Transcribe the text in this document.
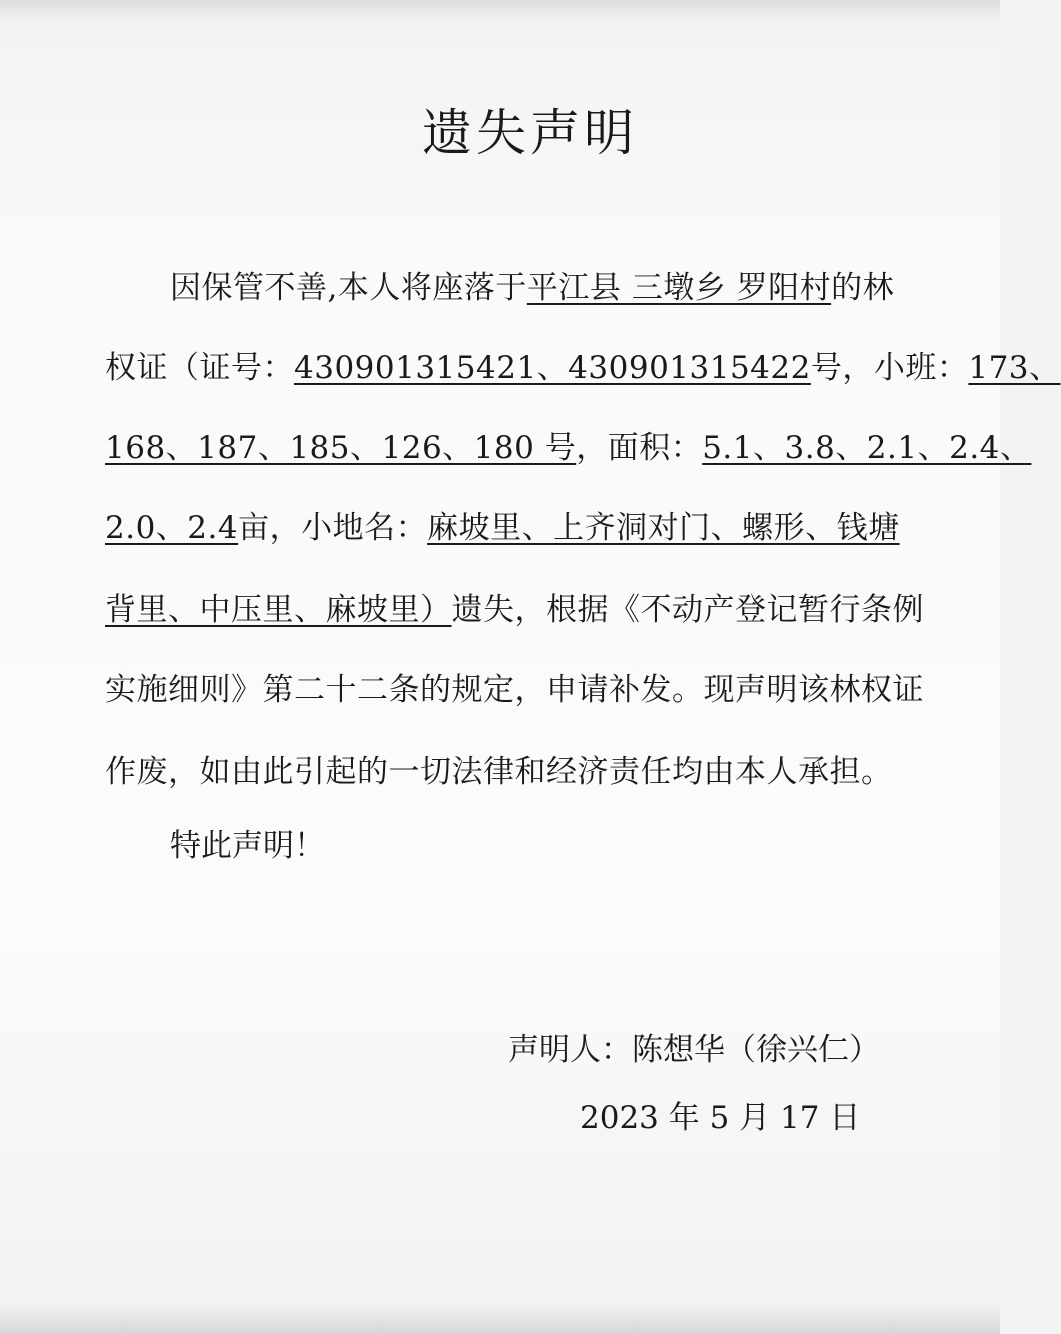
遗失声明
因保管不善,本人将座落于平江县 三墩乡 罗阳村的林
权证（证号：430901315421、430901315422号，小班：173、
168、187、185、126、180 号，面积：5.1、3.8、2.1、2.4、
2.0、2.4亩，小地名：麻坡里、上齐洞对门、螺形、钱塘
背里、中压里、麻坡里）遗失，根据《不动产登记暂行条例
实施细则》第二十二条的规定，申请补发。现声明该林权证
作废，如由此引起的一切法律和经济责任均由本人承担。
特此声明！
声明人：陈想华（徐兴仁）
2023 年 5 月 17 日
